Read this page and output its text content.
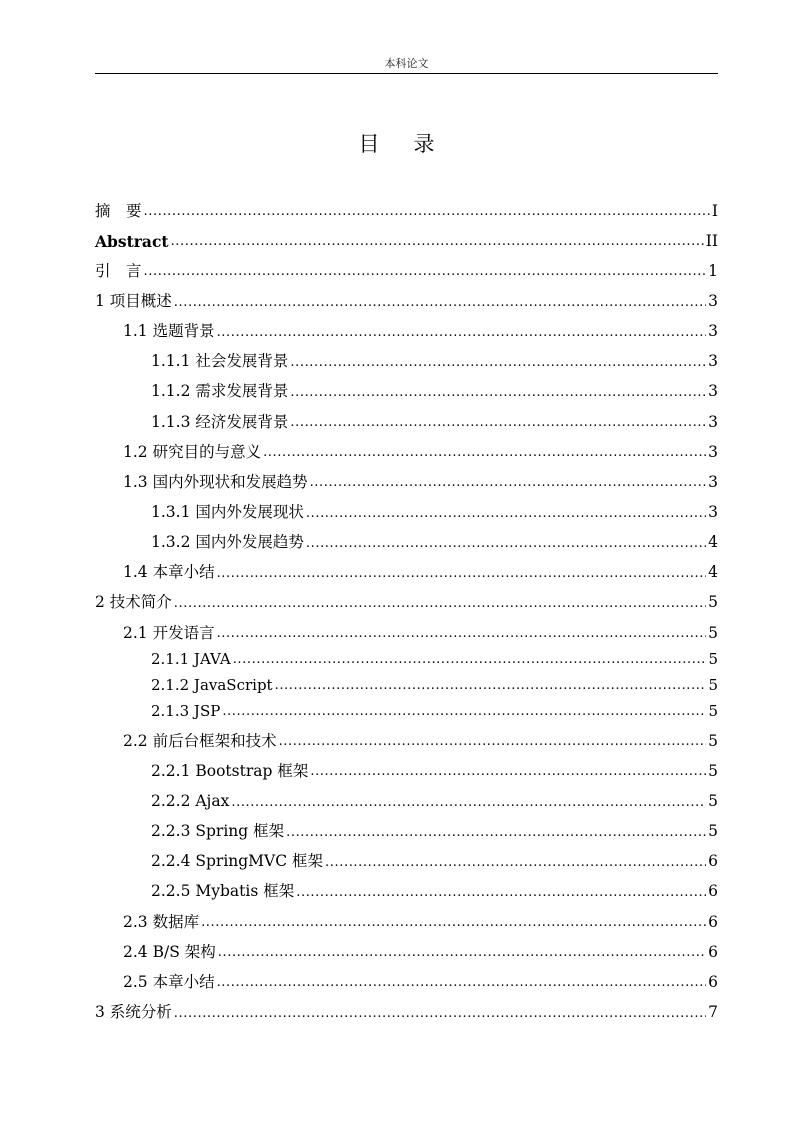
本科论文
目 录
摘　要 .....	I
Abstract .....	II
引　言 .....	1
1 项目概述 .....	3
1.1 选题背景 .....	3
1.1.1 社会发展背景 .....	3
1.1.2 需求发展背景 .....	3
1.1.3 经济发展背景 .....	3
1.2 研究目的与意义 .....	3
1.3 国内外现状和发展趋势 .....	3
1.3.1 国内外发展现状 .....	3
1.3.2 国内外发展趋势 .....	4
1.4 本章小结 .....	4
2 技术简介 .....	5
2.1 开发语言 .....	5
2.1.1 JAVA .....	5
2.1.2 JavaScript .....	5
2.1.3 JSP .....	5
2.2 前后台框架和技术 .....	5
2.2.1 Bootstrap 框架 .....	5
2.2.2 Ajax .....	5
2.2.3 Spring 框架 .....	5
2.2.4 SpringMVC 框架 .....	6
2.2.5 Mybatis 框架 .....	6
2.3 数据库 .....	6
2.4 B/S 架构 .....	6
2.5 本章小结 .....	6
3 系统分析 .....	7
